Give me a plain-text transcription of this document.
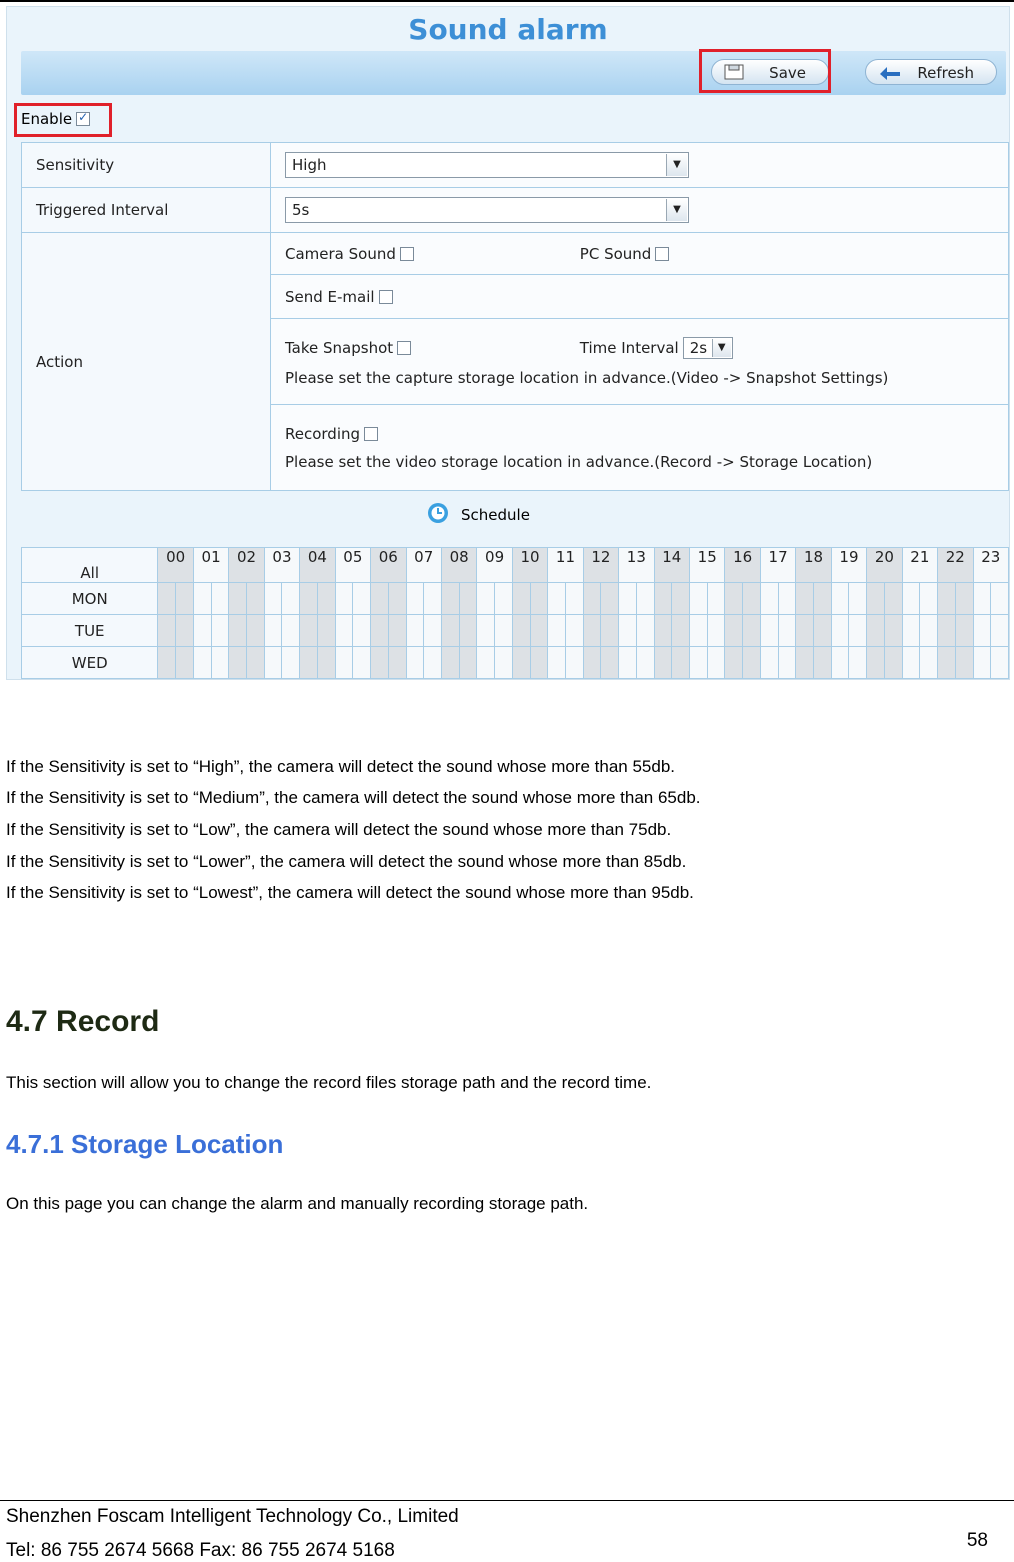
Sound alarm
Save	Refresh
Enable
✓
Sensitivity	High ▼

Triggered Interval	5s ▼

Action	Camera Sound
PC Sound

	Send E-mail

	Take Snapshot
Time Interval 2s ▼
Please set the capture storage location in advance.(Video -> Snapshot Settings)

	Recording
Please set the video storage location in advance.(Record -> Storage Location)
Schedule
All	00		01		02		03		04		05		06		07		08		09		10		11		12		13		14		15		16		17		18		19		20		21		22		23	
MON																																																
TUE																																																
WED																																																
If the Sensitivity is set to “High”, the camera will detect the sound whose more than 55db.
If the Sensitivity is set to “Medium”, the camera will detect the sound whose more than 65db.
If the Sensitivity is set to “Low”, the camera will detect the sound whose more than 75db.
If the Sensitivity is set to “Lower”, the camera will detect the sound whose more than 85db.
If the Sensitivity is set to “Lowest”, the camera will detect the sound whose more than 95db.
4.7 Record
This section will allow you to change the record files storage path and the record time.
4.7.1 Storage Location
On this page you can change the alarm and manually recording storage path.
Shenzhen Foscam Intelligent Technology Co., Limited
Tel: 86 755 2674 5668 Fax: 86 755 2674 5168	58
